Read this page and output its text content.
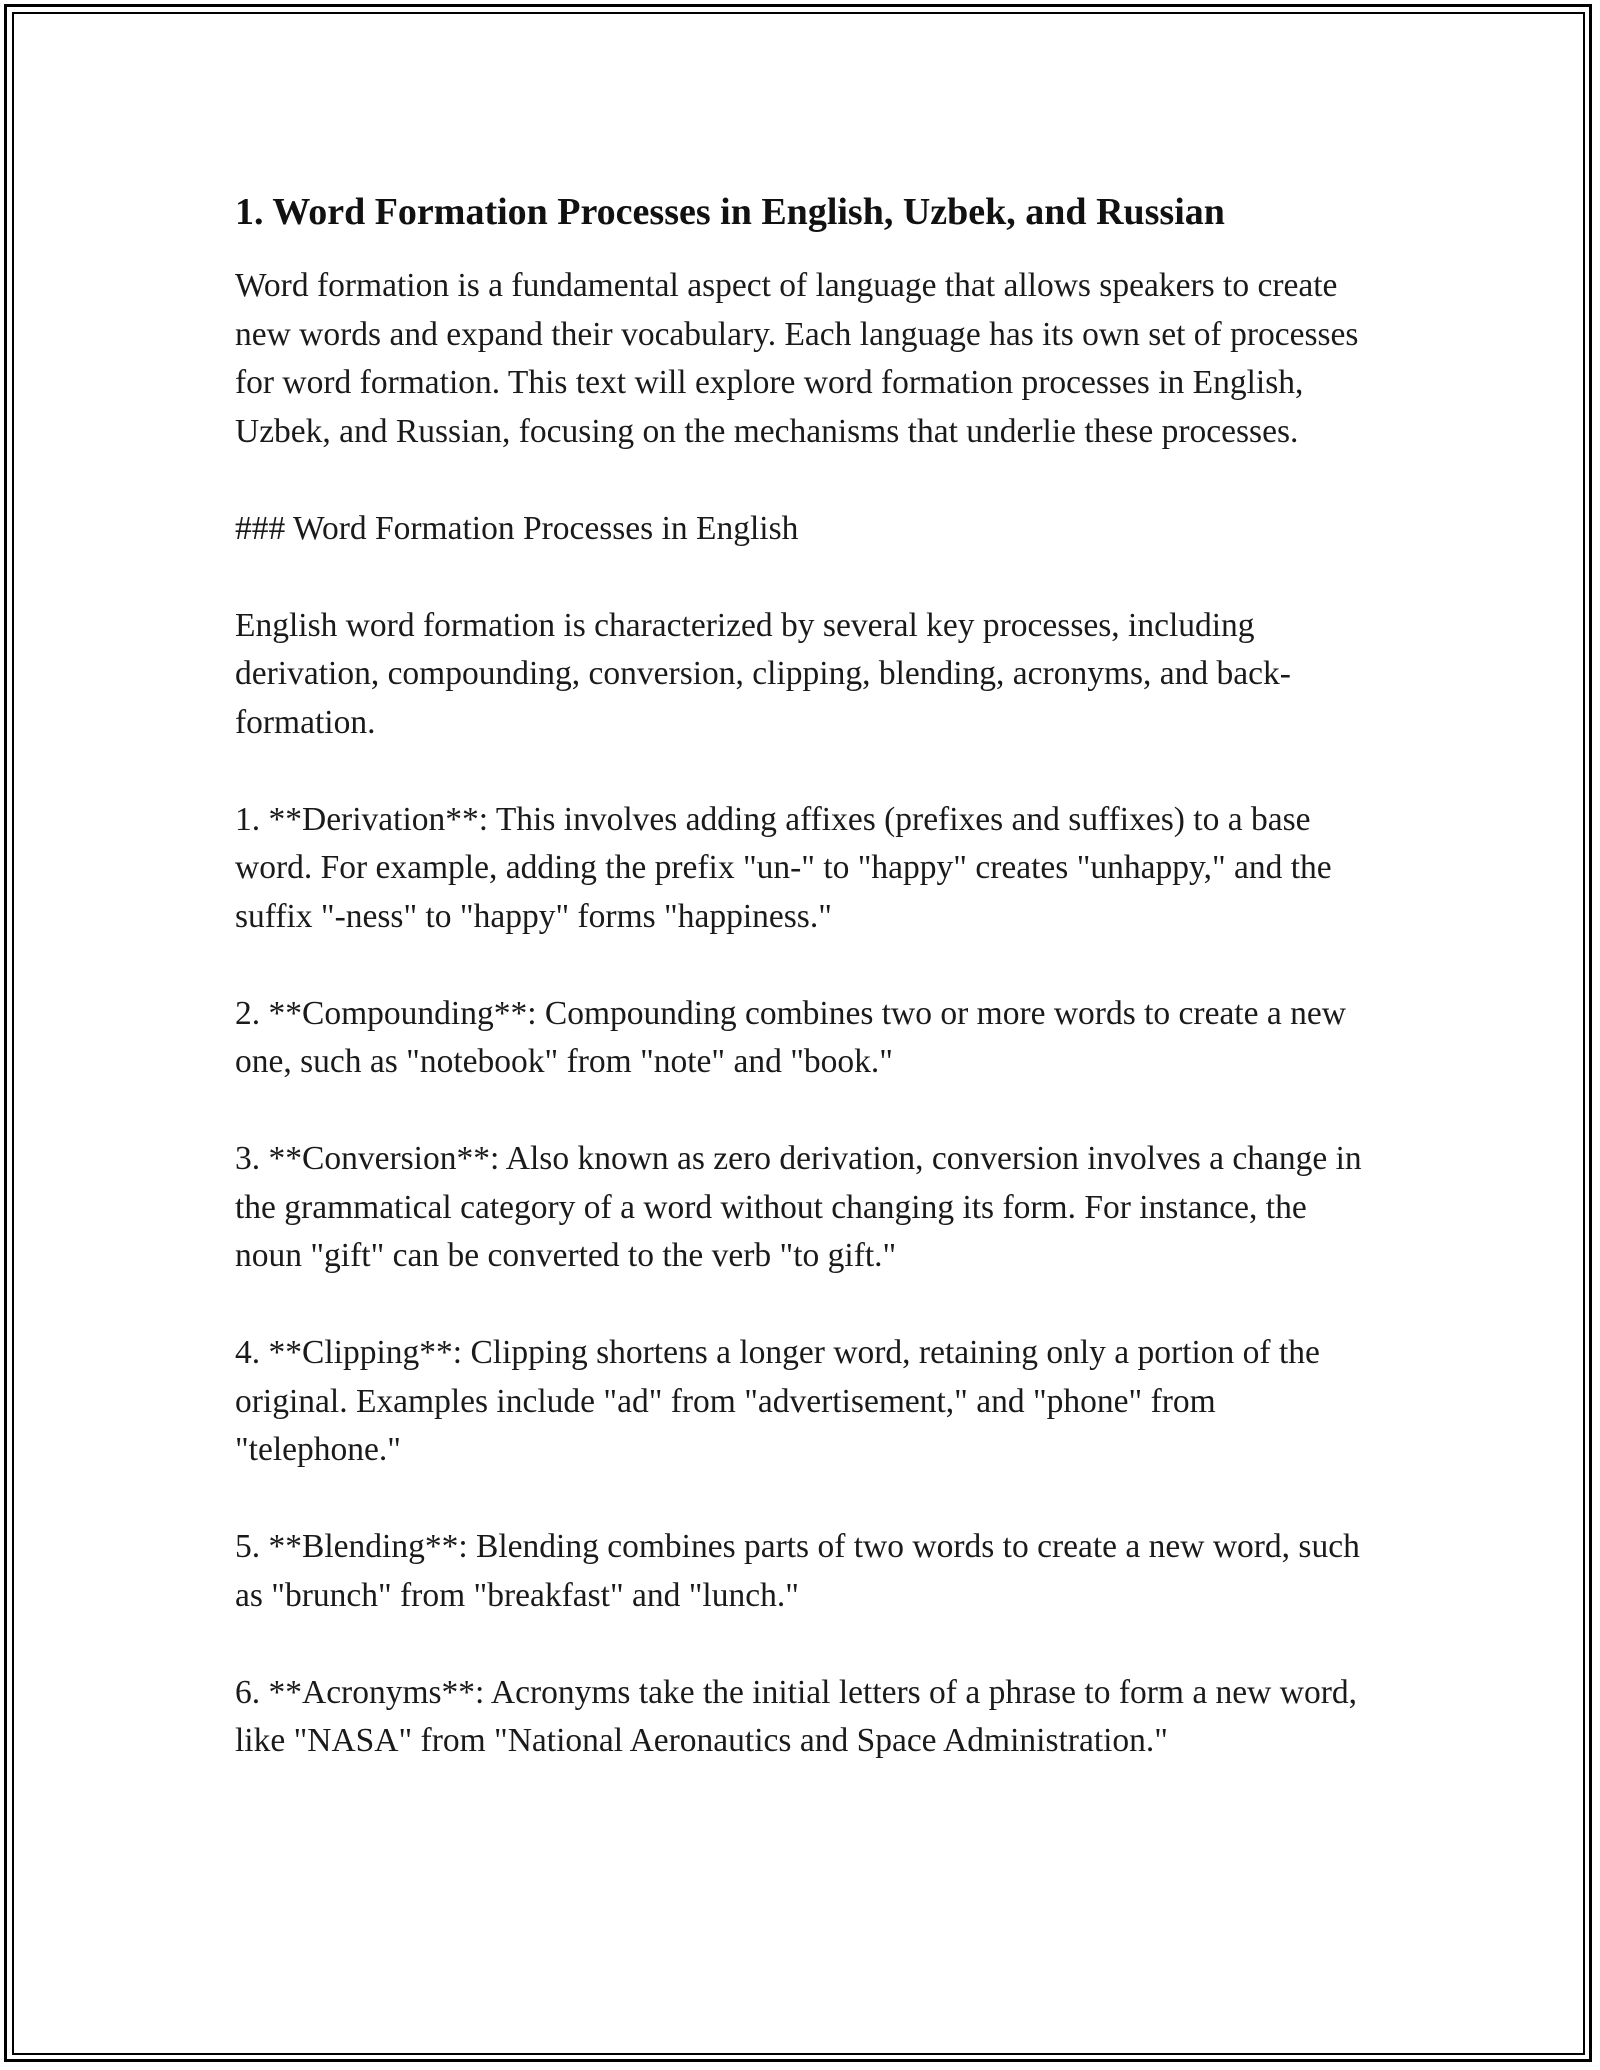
1. Word Formation Processes in English, Uzbek, and Russian

Word formation is a fundamental aspect of language that allows speakers to create new words and expand their vocabulary. Each language has its own set of processes for word formation. This text will explore word formation processes in English, Uzbek, and Russian, focusing on the mechanisms that underlie these processes.

### Word Formation Processes in English

English word formation is characterized by several key processes, including derivation, compounding, conversion, clipping, blending, acronyms, and back-formation.

1. **Derivation**: This involves adding affixes (prefixes and suffixes) to a base word. For example, adding the prefix "un-" to "happy" creates "unhappy," and the suffix "-ness" to "happy" forms "happiness."

2. **Compounding**: Compounding combines two or more words to create a new one, such as "notebook" from "note" and "book."

3. **Conversion**: Also known as zero derivation, conversion involves a change in the grammatical category of a word without changing its form. For instance, the noun "gift" can be converted to the verb "to gift."

4. **Clipping**: Clipping shortens a longer word, retaining only a portion of the original. Examples include "ad" from "advertisement," and "phone" from "telephone."

5. **Blending**: Blending combines parts of two words to create a new word, such as "brunch" from "breakfast" and "lunch."

6. **Acronyms**: Acronyms take the initial letters of a phrase to form a new word, like "NASA" from "National Aeronautics and Space Administration."
